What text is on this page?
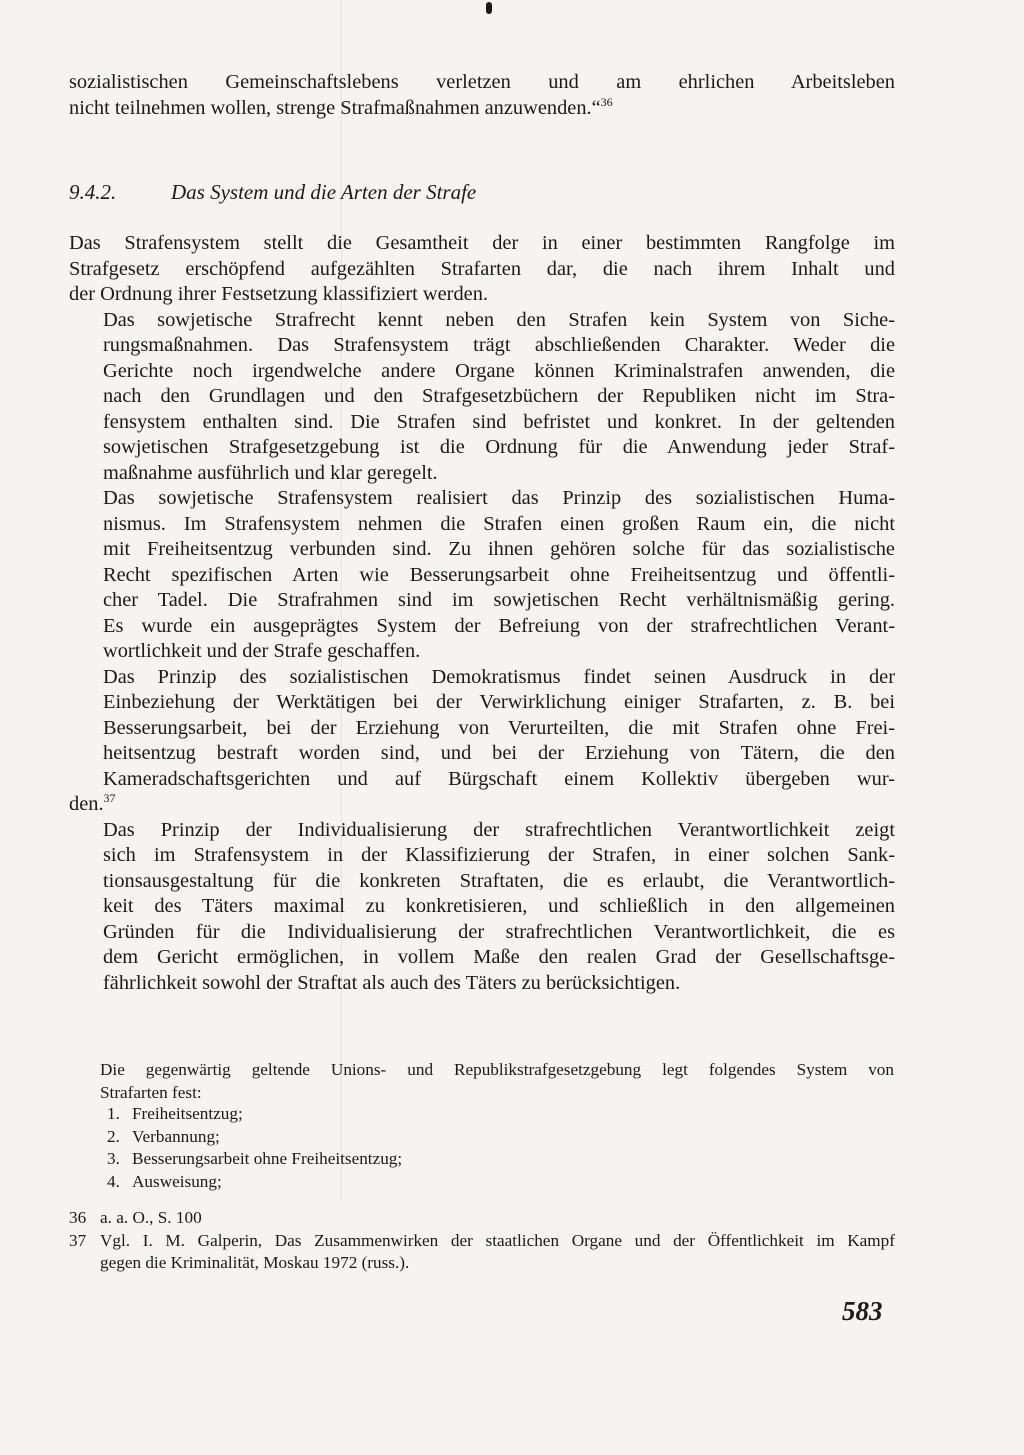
sozialistischen Gemeinschaftslebens verletzen und am ehrlichen Arbeitsleben
nicht teilnehmen wollen, strenge Strafmaßnahmen anzuwenden.“$^{36}$
9.4.2.	Das System und die Arten der Strafe

Das Strafensystem stellt die Gesamtheit der in einer bestimmten Rangfolge im
Strafgesetz erschöpfend aufgezählten Strafarten dar, die nach ihrem Inhalt und
der Ordnung ihrer Festsetzung klassifiziert werden.

Das sowjetische Strafrecht kennt neben den Strafen kein System von Siche-
rungsmaßnahmen. Das Strafensystem trägt abschließenden Charakter. Weder die
Gerichte noch irgendwelche andere Organe können Kriminalstrafen anwenden, die
nach den Grundlagen und den Strafgesetzbüchern der Republiken nicht im Stra-
fensystem enthalten sind. Die Strafen sind befristet und konkret. In der geltenden
sowjetischen Strafgesetzgebung ist die Ordnung für die Anwendung jeder Straf-
maßnahme ausführlich und klar geregelt.

Das sowjetische Strafensystem realisiert das Prinzip des sozialistischen Huma-
nismus. Im Strafensystem nehmen die Strafen einen großen Raum ein, die nicht
mit Freiheitsentzug verbunden sind. Zu ihnen gehören solche für das sozialistische
Recht spezifischen Arten wie Besserungsarbeit ohne Freiheitsentzug und öffentli-
cher Tadel. Die Strafrahmen sind im sowjetischen Recht verhältnismäßig gering.
Es wurde ein ausgeprägtes System der Befreiung von der strafrechtlichen Verant-
wortlichkeit und der Strafe geschaffen.

Das Prinzip des sozialistischen Demokratismus findet seinen Ausdruck in der
Einbeziehung der Werktätigen bei der Verwirklichung einiger Strafarten, z. B. bei
Besserungsarbeit, bei der Erziehung von Verurteilten, die mit Strafen ohne Frei-
heitsentzug bestraft worden sind, und bei der Erziehung von Tätern, die den
Kameradschaftsgerichten und auf Bürgschaft einem Kollektiv übergeben wur-
den.$^{37}$

Das Prinzip der Individualisierung der strafrechtlichen Verantwortlichkeit zeigt
sich im Strafensystem in der Klassifizierung der Strafen, in einer solchen Sank-
tionsausgestaltung für die konkreten Straftaten, die es erlaubt, die Verantwortlich-
keit des Täters maximal zu konkretisieren, und schließlich in den allgemeinen
Gründen für die Individualisierung der strafrechtlichen Verantwortlichkeit, die es
dem Gericht ermöglichen, in vollem Maße den realen Grad der Gesellschaftsge-
fährlichkeit sowohl der Straftat als auch des Täters zu berücksichtigen.

Die gegenwärtig geltende Unions- und Republikstrafgesetzgebung legt folgendes System von
Strafarten fest:
1. Freiheitsentzug;
2. Verbannung;
3. Besserungsarbeit ohne Freiheitsentzug;
4. Ausweisung;
36 a. a. O., S. 100
37 Vgl. I. M. Galperin, Das Zusammenwirken der staatlichen Organe und der Öffentlichkeit im Kampf
gegen die Kriminalität, Moskau 1972 (russ.).
583
